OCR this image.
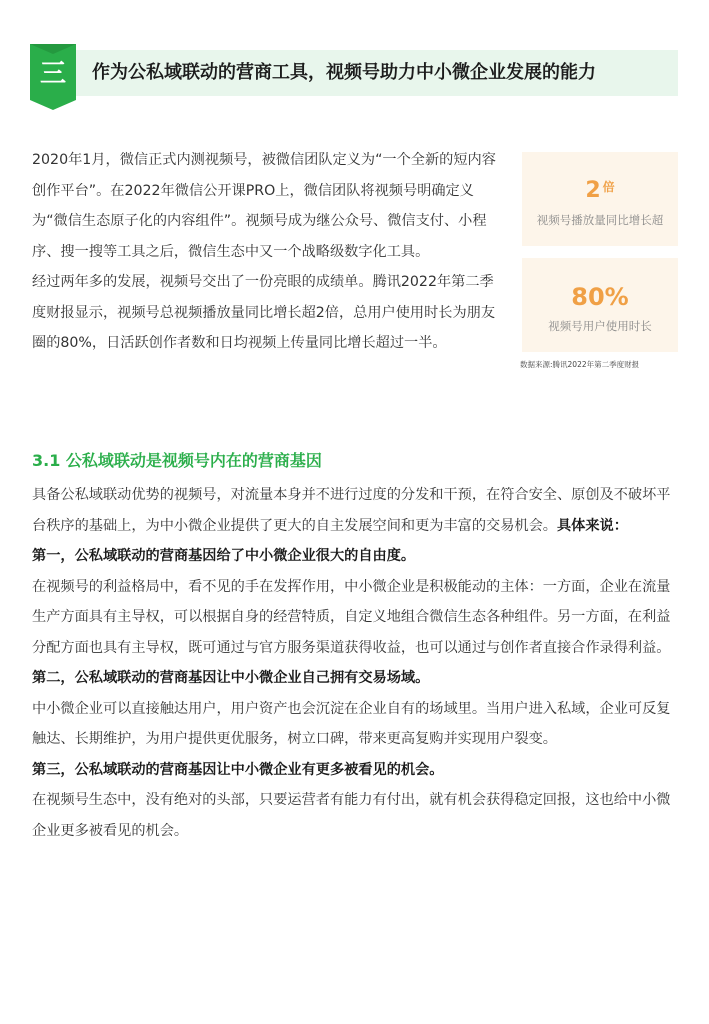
三	作为公私域联动的营商工具，视频号助力中小微企业发展的能力

2020年1月，微信正式内测视频号，被微信团队定义为“一个全新的短内容创作平台”。在2022年微信公开课PRO上，微信团队将视频号明确定义为“微信生态原子化的内容组件”。视频号成为继公众号、微信支付、小程序、搜一搜等工具之后，微信生态中又一个战略级数字化工具。

经过两年多的发展，视频号交出了一份亮眼的成绩单。腾讯2022年第二季度财报显示，视频号总视频播放量同比增长超2倍，总用户使用时长为朋友圈的80%，日活跃创作者数和日均视频上传量同比增长超过一半。

2 $^倍$
视频号播放量同比增长超
80%
视频号用户使用时长
数据来源:腾讯2022年第二季度财报
3.1 公私域联动是视频号内在的营商基因

具备公私域联动优势的视频号，对流量本身并不进行过度的分发和干预，在符合安全、原创及不破坏平台秩序的基础上，为中小微企业提供了更大的自主发展空间和更为丰富的交易机会。具体来说：

第一，公私域联动的营商基因给了中小微企业很大的自由度。

在视频号的利益格局中，看不见的手在发挥作用，中小微企业是积极能动的主体：一方面，企业在流量生产方面具有主导权，可以根据自身的经营特质，自定义地组合微信生态各种组件。另一方面，在利益分配方面也具有主导权，既可通过与官方服务渠道获得收益，也可以通过与创作者直接合作录得利益。

第二，公私域联动的营商基因让中小微企业自己拥有交易场域。

中小微企业可以直接触达用户，用户资产也会沉淀在企业自有的场域里。当用户进入私域，企业可反复触达、长期维护，为用户提供更优服务，树立口碑，带来更高复购并实现用户裂变。

第三，公私域联动的营商基因让中小微企业有更多被看见的机会。

在视频号生态中，没有绝对的头部，只要运营者有能力有付出，就有机会获得稳定回报，这也给中小微企业更多被看见的机会。
